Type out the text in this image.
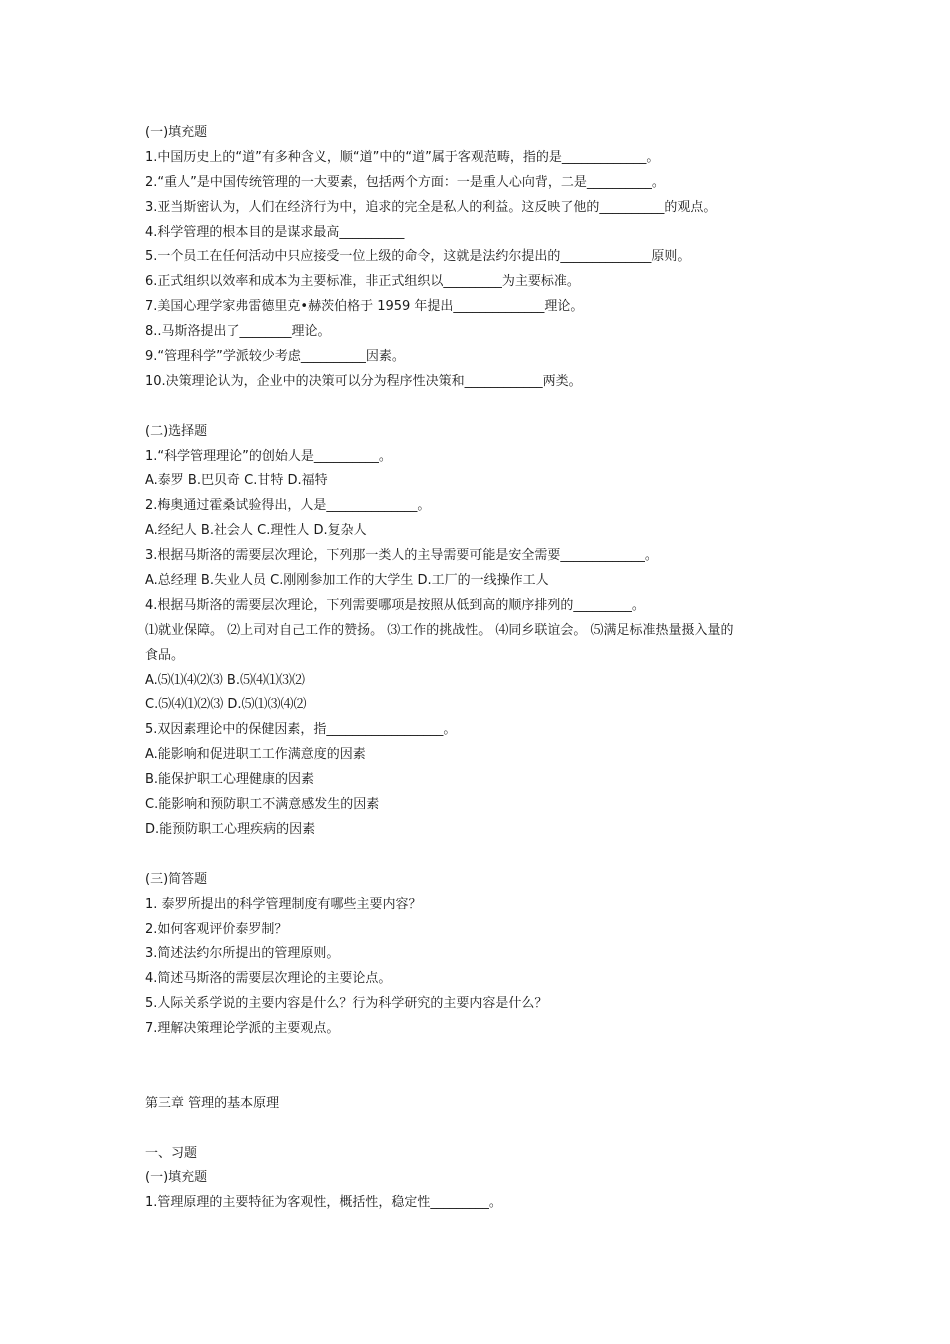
(一)填充题
1.中国历史上的“道”有多种含义，顺“道”中的“道”属于客观范畴，指的是_____________。
2.“重人”是中国传统管理的一大要素，包括两个方面：一是重人心向背，二是__________。
3.亚当斯密认为，人们在经济行为中，追求的完全是私人的利益。这反映了他的__________的观点。
4.科学管理的根本目的是谋求最高__________
5.一个员工在任何活动中只应接受一位上级的命令，这就是法约尔提出的______________原则。
6.正式组织以效率和成本为主要标准，非正式组织以_________为主要标准。
7.美国心理学家弗雷德里克•赫茨伯格于 1959 年提出______________理论。
8..马斯洛提出了________理论。
9.“管理科学”学派较少考虑__________因素。
10.决策理论认为，企业中的决策可以分为程序性决策和____________两类。
(二)选择题
1.“科学管理理论”的创始人是__________。
A.泰罗 B.巴贝奇 C.甘特 D.福特
2.梅奥通过霍桑试验得出，人是______________。
A.经纪人 B.社会人 C.理性人 D.复杂人
3.根据马斯洛的需要层次理论，下列那一类人的主导需要可能是安全需要_____________。
A.总经理 B.失业人员 C.刚刚参加工作的大学生 D.工厂的一线操作工人
4.根据马斯洛的需要层次理论，下列需要哪项是按照从低到高的顺序排列的_________。
⑴就业保障。 ⑵上司对自己工作的赞扬。 ⑶工作的挑战性。 ⑷同乡联谊会。 ⑸满足标准热量摄入量的
食品。
A.⑸⑴⑷⑵⑶ B.⑸⑷⑴⑶⑵
C.⑸⑷⑴⑵⑶ D.⑸⑴⑶⑷⑵
5.双因素理论中的保健因素，指__________________。
A.能影响和促进职工工作满意度的因素
B.能保护职工心理健康的因素
C.能影响和预防职工不满意感发生的因素
D.能预防职工心理疾病的因素
(三)简答题
1. 泰罗所提出的科学管理制度有哪些主要内容？
2.如何客观评价泰罗制？
3.简述法约尔所提出的管理原则。
4.简述马斯洛的需要层次理论的主要论点。
5.人际关系学说的主要内容是什么？行为科学研究的主要内容是什么？
7.理解决策理论学派的主要观点。
第三章 管理的基本原理
一、习题
(一)填充题
1.管理原理的主要特征为客观性，概括性，稳定性_________。
